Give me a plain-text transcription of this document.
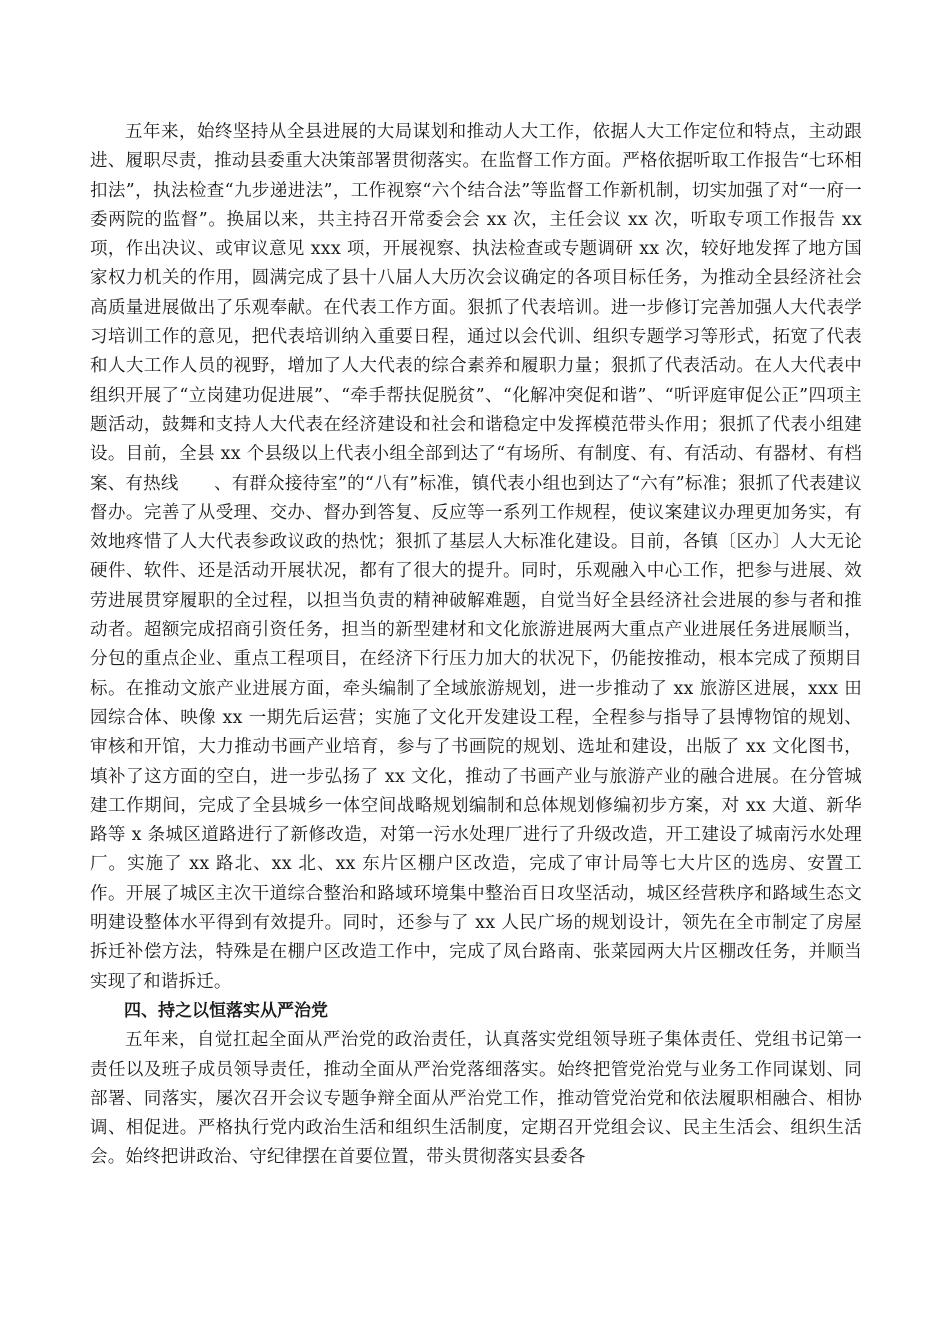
五年来，始终坚持从全县进展的大局谋划和推动人大工作，依据人大工作定位和特点，主动跟进、履职尽责，推动县委重大决策部署贯彻落实。在监督工作方面。严格依据听取工作报告“七环相扣法”，执法检查“九步递进法”，工作视察“六个结合法”等监督工作新机制，切实加强了对“一府一委两院的监督”。换届以来，共主持召开常委会会 xx 次，主任会议 xx 次，听取专项工作报告 xx 项，作出决议、或审议意见 xxx 项，开展视察、执法检查或专题调研 xx 次，较好地发挥了地方国家权力机关的作用，圆满完成了县十八届人大历次会议确定的各项目标任务，为推动全县经济社会高质量进展做出了乐观奉献。在代表工作方面。狠抓了代表培训。进一步修订完善加强人大代表学习培训工作的意见，把代表培训纳入重要日程，通过以会代训、组织专题学习等形式，拓宽了代表和人大工作人员的视野，增加了人大代表的综合素养和履职力量；狠抓了代表活动。在人大代表中组织开展了“立岗建功促进展”、“牵手帮扶促脱贫”、“化解冲突促和谐”、“听评庭审促公正”四项主题活动，鼓舞和支持人大代表在经济建设和社会和谐稳定中发挥模范带头作用；狠抓了代表小组建设。目前，全县 xx 个县级以上代表小组全部到达了“有场所、有制度、有、有活动、有器材、有档案、有热线　　、有群众接待室”的“八有”标准，镇代表小组也到达了“六有”标准；狠抓了代表建议督办。完善了从受理、交办、督办到答复、反应等一系列工作规程，使议案建议办理更加务实，有效地疼惜了人大代表参政议政的热忱；狠抓了基层人大标准化建设。目前，各镇〔区办〕人大无论硬件、软件、还是活动开展状况，都有了很大的提升。同时，乐观融入中心工作，把参与进展、效劳进展贯穿履职的全过程，以担当负责的精神破解难题，自觉当好全县经济社会进展的参与者和推动者。超额完成招商引资任务，担当的新型建材和文化旅游进展两大重点产业进展任务进展顺当，分包的重点企业、重点工程项目，在经济下行压力加大的状况下，仍能按推动，根本完成了预期目标。在推动文旅产业进展方面，牵头编制了全域旅游规划，进一步推动了 xx 旅游区进展，xxx 田园综合体、映像 xx 一期先后运营；实施了文化开发建设工程，全程参与指导了县博物馆的规划、审核和开馆，大力推动书画产业培育，参与了书画院的规划、选址和建设，出版了 xx 文化图书，填补了这方面的空白，进一步弘扬了 xx 文化，推动了书画产业与旅游产业的融合进展。在分管城建工作期间，完成了全县城乡一体空间战略规划编制和总体规划修编初步方案，对 xx 大道、新华路等 x 条城区道路进行了新修改造，对第一污水处理厂进行了升级改造，开工建设了城南污水处理厂。实施了 xx 路北、xx 北、xx 东片区棚户区改造，完成了审计局等七大片区的选房、安置工作。开展了城区主次干道综合整治和路域环境集中整治百日攻坚活动，城区经营秩序和路域生态文明建设整体水平得到有效提升。同时，还参与了 xx 人民广场的规划设计，领先在全市制定了房屋拆迁补偿方法，特殊是在棚户区改造工作中，完成了凤台路南、张菜园两大片区棚改任务，并顺当实现了和谐拆迁。

四、持之以恒落实从严治党

五年来，自觉扛起全面从严治党的政治责任，认真落实党组领导班子集体责任、党组书记第一责任以及班子成员领导责任，推动全面从严治党落细落实。始终把管党治党与业务工作同谋划、同部署、同落实，屡次召开会议专题争辩全面从严治党工作，推动管党治党和依法履职相融合、相协调、相促进。严格执行党内政治生活和组织生活制度，定期召开党组会议、民主生活会、组织生活会。始终把讲政治、守纪律摆在首要位置，带头贯彻落实县委各
